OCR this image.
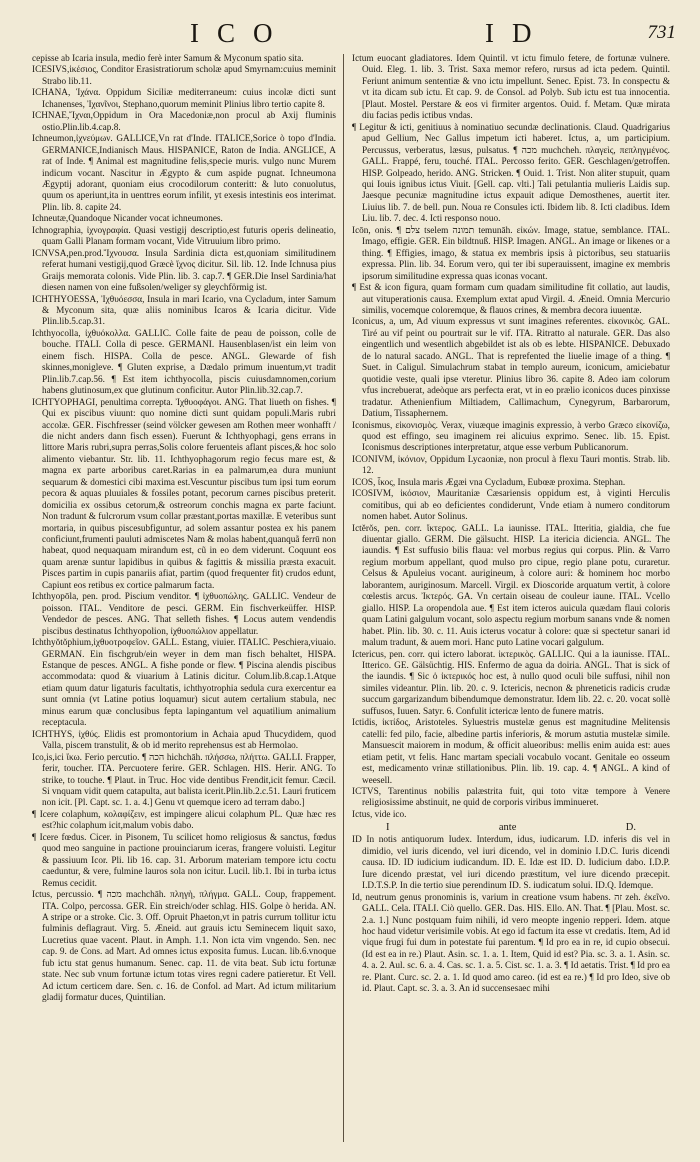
ICO	ID	731

cepisse ab Icaria insula, medio ferè inter Samum & Myconum spatio sita.

ICESIVS,ἰκέσιος, Conditor Erasistratiorum scholæ apud Smyrnam:cuius meminit Strabo lib.11.

ICHANA, Ἰχάνα. Oppidum Siciliæ mediterraneum: cuius incolæ dicti sunt Ichanenses, Ἰχανῖνοι, Stephano,quorum meminit Plinius libro tertio capite 8.

ICHNAE,Ἴχναι,Oppidum in Ora Macedoniæ,non procul ab Axij fluminis ostio.Plin.lib.4.cap.8.

Ichneumon,ἰχνεύμων. GALLICE,Vn rat d'Inde. ITALICE,Sorice ò topo d'India. GERMANICE,Indianisch Maus. HISPANICE, Raton de India. ANGLICE, A rat of Inde. ¶ Animal est magnitudine felis,specie muris. vulgo nunc Murem indicum vocant. Nascitur in Ægypto & cum aspide pugnat. Ichneumona Ægyptij adorant, quoniam eius crocodilorum conteritt: & luto conuolutus, quum os aperiunt,ita in uenttres eorum infilit, yt exesis intestinis eos interimat. Plin. lib. 8. capite 24.

Ichneutæ,Quandoque Nicander vocat ichneumones.

Ichnographia, ἰχνογραφία. Quasi vestigij descriptio,est futuris operis delineatio, quam Galli Planam formam vocant, Vide Vitruuium libro primo.

ICNVSA,pen.prod.Ἴχνουσα. Insula Sardinia dicta est,quoniam similitudinem referat humani vestigij,quod Græcè ἴχνος dicitur. Sil. lib. 12. Inde Ichnusa pius Graijs memorata colonis. Vide Plin. lib. 3. cap.7. ¶ GER.Die Insel Sardinia/hat diesen namen von eine fußsolen/weliger sy gleychförmig ist.

ICHTHYOESSA, Ἰχθυόεσσα, Insula in mari Icario, vna Cycladum, inter Samum & Myconum sita, quæ aliis nominibus Icaros & Icaria dicitur. Vide Plin.lib.5.cap.31.

Ichthyocolla, ἰχθυόκολλα. GALLIC. Colle faite de peau de poisson, colle de bouche. ITALI. Colla di pesce. GERMANI. Hausenblasen/ist ein leim von einem fisch. HISPA. Colla de pesce. ANGL. Glewarde of fish skinnes,monigleve. ¶ Gluten exprise, a Dædalo primum inuentum,vt tradit Plin.lib.7.cap.56. ¶ Est item ichthyocolla, piscis cuiusdamnomen,corium habens glutinosum,ex que glutinum conficitur. Autor Plin.lib.32.cap.7.

ICHTYOPHAGI, penultima correpta. Ἰχθυοφάγοι. ANG. That liueth on fishes. ¶ Qui ex piscibus viuunt: quo nomine dicti sunt quidam populi.Maris rubri accolæ. GER. Fischfresser (seind völcker gewesen am Rothen meer wonhafft / die nicht anders dann fisch essen). Fuerunt & Ichthyophagi, gens errans in littore Maris rubri,supra perras,Solis colore feruenteis aflant pisces,& hoc solo alimento viebantur. Str. lib. 11. Ichthyophagorum regio fecus mare est, & magna ex parte arboribus caret.Rarias in ea palmarum,ea dura muniunt sequarum & domestici cibi maxima est.Vescuntur piscibus tum ipsi tum eorum pecora & aquas pluuiales & fossiles potant, pecorum carnes piscibus preterit. domicilia ex ossibus cetorum,& ostreorum conchis magna ex parte faciunt. Non tradunt & fulcrorum vsum collar præstant,portas maxillæ. E veteribus sunt mortaria, in quibus piscesubfiguntur, ad solem assantur postea ex his panem conficiunt,frumenti pauluti admiscetes Nam & molas habent,quanquã ferrū non habeat, quod nequaquam mirandum est, cũ in eo dem viderunt. Coquunt eos quam arenæ suntur lapidibus in quibus & fagittis & missilia præsta exacuit. Pisces partim in cupis panariis afiat, partim (quod frequenter fit) crudos edunt, Capiunt eos retibus ex cortice palmarum facta.

Ichthyopōla, pen. prod. Piscium venditor. ¶ ἰχθυοπώλης. GALLIC. Vendeur de poisson. ITAL. Venditore de pesci. GERM. Ein fischverkeüffer. HISP. Vendedor de pesces. ANG. That selleth fishes. ¶ Locus autem vendendis piscibus destinatus Ichthyopolion, ἰχθυοπώλιον appellatur.

Ichthyŏtŏphium,ἰχθυοτροφεῖον. GALL. Estang, viuier. ITALIC. Peschiera,viuaio. GERMAN. Ein fischgrub/ein weyer in dem man fisch behaltet, HISPA. Estanque de pesces. ANGL. A fishe ponde or flew. ¶ Piscina alendis piscibus accommodata: quod & viuarium à Latinis dicitur. Colum.lib.8.cap.1.Atque etiam quum datur ligaturis facultatis, ichthyotrophia sedula cura exercentur ea sunt omnia (vt Latine potius loquamur) sicut autem certalium stabula, nec minus earum quæ conclusibus fepta lapingantum vel aquatilium animalium receptacula.

ICHTHYS, ἰχθύς. Elidis est promontorium in Achaia apud Thucydidem, quod Valla, piscem transtulit, & ob id merito reprehensus est ab Hermolao.

Ico,is,ici ἴκω. Ferio percutio. ¶ הכה hichchāh. πλήσσω, πλήττω. GALLI. Frapper, ferir, toucher. ITA. Percuotere ferire. GER. Schlagen. HIS. Herir. ANG. To strike, to touche. ¶ Plaut. in Truc. Hoc vide dentibus Frendit,icit femur. Cæcil. Si vnquam vidit quem catapulta, aut balista icerit.Plin.lib.2.c.51. Lauri fruticem non icit. [Pl. Capt. sc. 1. a. 4.] Genu vt quemque icero ad terram dabo.]

¶ Icere colaphum, κολαφίζειν, est impingere alicui colaphum PL. Quæ hæc res est?hic colaphum icit,malum vobis dabo.

¶ Icere fœdus. Cicer. in Pisonem, Tu scilicet homo religiosus & sanctus, fœdus quod meo sanguine in pactione prouinciarum iceras, frangere voluisti. Legitur & passiuum Icor. Pli. lib 16. cap. 31. Arborum materiam tempore ictu coctu caeduntur, & vere, fulmine lauros sola non icitur. Lucil. lib.1. Ibi in turba ictus Remus cecidit.

Ictus, percussio. ¶ מכה machchāh. πληγὴ, πλήγμα. GALL. Coup, frappement. ITA. Colpo, percossa. GER. Ein streich/oder schlag. HIS. Golpe ò herida. AN. A stripe or a stroke. Cic. 3. Off. Opruit Phaeton,vt in patris currum tollitur ictu fulminis deflagraut. Virg. 5. Æneid. aut grauis ictu Seminecem liquit saxo, Lucretius quae vacent. Plaut. in Amph. 1.1. Non icta vim vngendo. Sen. nec cap. 9. de Cons. ad Mart. Ad omnes ictus exposita fumus. Lucan. lib.6.vnoque fub ictu stat genus humanum. Senec. cap. 11. de vita beat. Sub ictu fortunæ state. Nec sub vnum fortunæ ictum totas vires regni cadere patieretur. Et Vell. Ad ictum certicem dare. Sen. c. 16. de Confol. ad Mart. Ad ictum militarium gladij formatur duces, Quintilian.

Ictum euocant gladiatores. Idem Quintil. vt ictu fimulo fetere, de fortunæ vulnere. Ouid. Eleg. 1. lib. 3. Trist. Saxa memor refero, rursus ad icta pedem. Quintil. Feriunt animum sententiæ & vno ictu impellunt. Senec. Epist. 73. In conspectu & vt ita dicam sub ictu. Et cap. 9. de Consol. ad Polyb. Sub ictu est tua innocentia. [Plaut. Mostel. Perstare & eos vi firmiter argentos. Ouid. f. Metam. Quæ mirata diu facias pedis ictibus vndas.

¶ Legitur & icti, genitiuus à nominatiuo secundæ declinationis. Claud. Quadrigarius apud Gellium, Nec Gallus impetum icti haberet. Ictus, a, um participium. Percussus, verberatus, læsus, pulsatus. ¶ מכה muchcheh. πλαγεὶς, πεπληγμένος. GALL. Frappé, feru, touché. ITAL. Percosso ferito. GER. Geschlagen/getroffen. HISP. Golpeado, herido. ANG. Stricken. ¶ Ouid. 1. Trist. Non aliter stupuit, quam qui Iouis ignibus ictus Viuit. [Gell. cap. vlti.] Tali petulantia mulieris Laidis sup. Jaesque pecuniæ magnitudine ictus expauit adique Demosthenes, auertit iter. Liuius lib. 7. de bell. pun. Noua re Consules icti. Ibidem lib. 8. Icti cladibus. Idem Liu. lib. 7. dec. 4. Icti responso nouo.

Icōn, onis. ¶ צלם tselem תמונה temunāh. εἰκών. Image, statue, semblance. ITAL. Imago, effigie. GER. Ein bildtnuß. HISP. Imagen. ANGL. An image or likenes or a thing. ¶ Effigies, imago, & statua ex membris ipsis à pictoribus, seu statuariis expressa. Plin. lib. 34. Eorum vero, qui ter ibi superauissent, imagine ex membris ipsorum similitudine expressa quas iconas vocant.

¶ Est & icon figura, quam formam cum quadam similitudine fit collatio, aut laudis, aut vituperationis causa. Exemplum extat apud Virgil. 4. Æneid. Omnia Mercurio similis, vocemque coloremque, & flauos crines, & membra decora iuuentæ.

Iconicus, a, um, Ad viuum expressus vt sunt imagines referentes. εἰκονικὸς. GAL. Tiré au vif peint ou pourtrait sur le vif. ITA. Ritratto al naturale. GER. Das also eingentlich und wesentlich abgebildet ist als ob es lebte. HISPANICE. Debuxado de lo natural sacado. ANGL. That is reprefented the liuelie image of a thing. ¶ Suet. in Caligul. Simulachrum stabat in templo aureum, iconicum, amiciebatur quotidie veste, quali ipse vteretur. Plinius libro 36. capite 8. Adeo iam colorum vfus increbuerat, adeòque ars perfecta erat, vt in eo prælio iconicos duces pinxisse tradatur. Athenienfium Miltiadem, Callimachum, Cynegyrum, Barbarorum, Datium, Tissaphernem.

Iconismus, εἰκονισμὸς. Verax, viuæque imaginis expressio, à verbo Græco εἰκονίζω, quod est effingo, seu imaginem rei alicuius exprimo. Senec. lib. 15. Epist. Iconismus descriptiones interpretatur, atque esse verbum Publicanorum.

ICONIVM, ἰκόνιον, Oppidum Lycaoniæ, non procul à flexu Tauri montis. Strab. lib. 12.

ICOS, ἶκος, Insula maris Ægæi vna Cycladum, Eubœæ proxima. Stephan.

ICOSIVM, ἰκόσιον, Mauritaniæ Cæsariensis oppidum est, à viginti Herculis comitibus, qui ab eo deficientes condiderunt, Vnde etiam à numero conditorum nomen habet. Autor Solinus.

Ictĕrŏs, pen. corr. ἴκτερος. GALL. La iaunisse. ITAL. Itteritia, gialdia, che fue diuentar giallo. GERM. Die gälsucht. HISP. La itericia diciencia. ANGL. The iaundis. ¶ Est suffusio bilis flaua: vel morbus regius qui corpus. Plin. & Varro regium morbum appellant, quod mulso pro cipue, regio plane potu, curaretur. Celsus & Apuleius vocant. aurigineum, à colore auri: & hominem hoc morbo laborantem, auriginosum. Marcell. Virgil. ex Dioscoride arquatum vertit, à colore cœlestis arcus. Ἰκτερός. GA. Vn certain oiseau de couleur iaune. ITAL. Vcello giallo. HISP. La oropendola aue. ¶ Est item icteros auicula quædam flaui coloris quam Latini galgulum vocant, solo aspectu regium morbum sanans vnde & nomen habet. Plin. lib. 30. c. 11. Auis icterus vocatur à colore: quæ si spectetur sanari id malum tradunt, & auem mori. Hanc puto Latine vocari galgulum.

Ictericus, pen. corr. qui ictero laborat. ἰκτερικὸς. GALLIC. Qui a la iaunisse. ITAL. Itterico. GE. Gälsüchtig. HIS. Enfermo de agua da doiria. ANGL. That is sick of the iaundis. ¶ Sic ὁ ἰκτερικός hoc est, à nullo quod oculi bile suffusi, nihil non similes videantur. Plin. lib. 20. c. 9. Ictericis, necnon & phreneticis radicis crudæ succum gargarizandum bibendumque demonstratur. Idem lib. 22. c. 20. vocat sollè suffusos, Iuuen. Satyr. 6. Confulit ictericæ lento de funere matris.

Ictidis, ἰκτίδος, Aristoteles. Syluestris mustelæ genus est magnitudine Melitensis catelli: fed pilo, facie, albedine partis inferioris, & morum astutia mustelæ simile. Mansuescit maiorem in modum, & officit alueoribus: mellis enim auida est: aues etiam petit, vt felis. Hanc martam speciali vocabulo vocant. Genitale eo osseum est, medicamento vrinæ stillationibus. Plin. lib. 19. cap. 4. ¶ ANGL. A kind of weesell.

ICTVS, Tarentinus nobilis palæstrita fuit, qui toto vitæ tempore à Venere religiosissime abstinuit, ne quid de corporis viribus imminueret.

Ictus, vide ico.

I	ante	D.

ID In notis antiquorum Iudex. Interdum, idus, iudicarum. I.D. inferis dis vel in dimidio, vel iuris dicendo, vel iuri dicendo, vel in dominio I.D.C. Iuris dicendi causa. ID. ID iudicium iudicandum. ID. E. Idæ est ID. D. Iudicium dabo. I.D.P. Iure dicendo præstat, vel iuri dicendo præstitum, vel iure dicendo præcepit. I.D.T.S.P. In die tertio siue perendinum ID. S. iudicatum solui. ID.Q. Idemque.

Id, neutrum genus pronominis is, varium in creatione vsum habens. זה zeh. ἐκεῖνο. GALL. Cela. ITALI. Ciò quello. GER. Das. HIS. Ello. AN. That. ¶ [Plau. Most. sc. 2.a. 1.] Nunc postquam fuim nihili, id vero meopte ingenio repperi. Idem. atque hoc haud videtur verisimile vobis. At ego id factum ita esse vt credatis. Item, Ad id vique frugi fui dum in potestate fui parentum. ¶ Id pro ea in re, id cupio obsecui. (Id est ea in re.) Plaut. Asin. sc. 1. a. 1. Item, Quid id est? Pia. sc. 3. a. 1. Asin. sc. 4. a. 2. Aul. sc. 6. a. 4. Cas. sc. 1. a. 5. Cist. sc. 1. a. 3. ¶ Id aetatis. Trist. ¶ Id pro ea re. Plant. Curc. sc. 2. a. 1. Id quod amo careo. (id est ea re.) ¶ Id pro Ideo, sive ob id. Plaut. Capt. sc. 3. a. 3. An id succensesaec mihi
